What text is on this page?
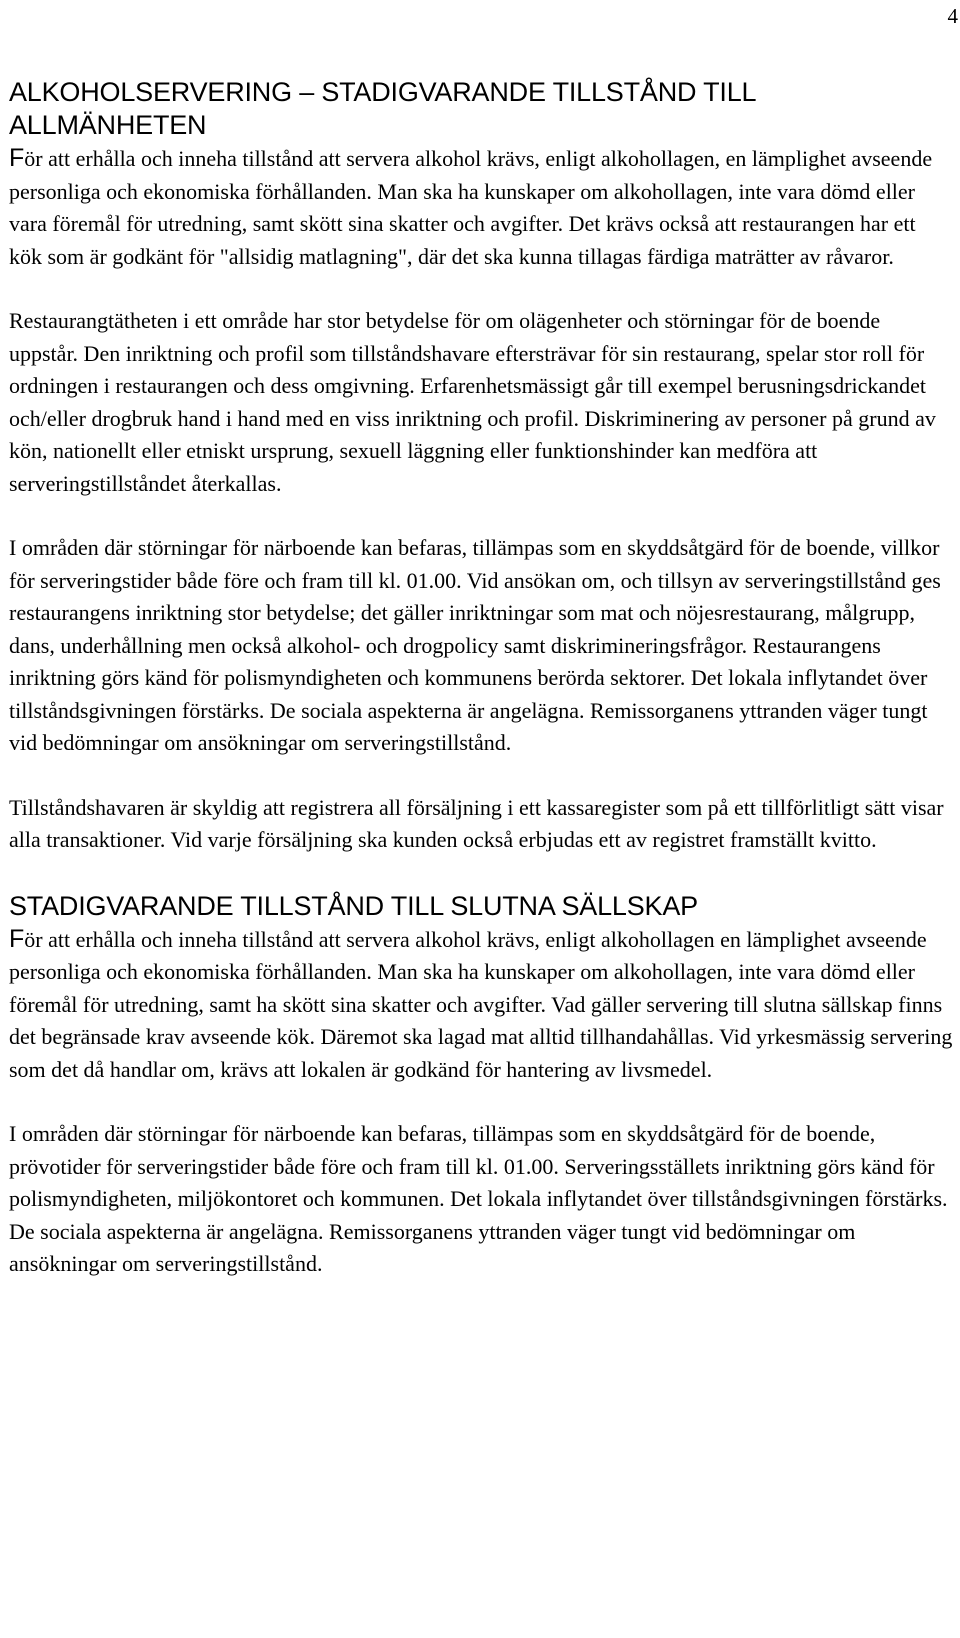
4
ALKOHOLSERVERING – STADIGVARANDE TILLSTÅND TILL ALLMÄNHETEN

För att erhålla och inneha tillstånd att servera alkohol krävs, enligt alkohollagen, en lämplighet avseende personliga och ekonomiska förhållanden. Man ska ha kunskaper om alkohollagen, inte vara dömd eller vara föremål för utredning, samt skött sina skatter och avgifter. Det krävs också att restaurangen har ett kök som är godkänt för "allsidig matlagning", där det ska kunna tillagas färdiga maträtter av råvaror.

Restaurangtätheten i ett område har stor betydelse för om olägenheter och störningar för de boende uppstår. Den inriktning och profil som tillståndshavare eftersträvar för sin restaurang, spelar stor roll för ordningen i restaurangen och dess omgivning. Erfarenhetsmässigt går till exempel berusningsdrickandet och/eller drogbruk hand i hand med en viss inriktning och profil. Diskriminering av personer på grund av kön, nationellt eller etniskt ursprung, sexuell läggning eller funktionshinder kan medföra att serveringstillståndet återkallas.

I områden där störningar för närboende kan befaras, tillämpas som en skyddsåtgärd för de boende, villkor för serveringstider både före och fram till kl. 01.00. Vid ansökan om, och tillsyn av serveringstillstånd ges restaurangens inriktning stor betydelse; det gäller inriktningar som mat och nöjesrestaurang, målgrupp, dans, underhållning men också alkohol- och drogpolicy samt diskrimineringsfrågor. Restaurangens inriktning görs känd för polismyndigheten och kommunens berörda sektorer. Det lokala inflytandet över tillståndsgivningen förstärks. De sociala aspekterna är angelägna. Remissorganens yttranden väger tungt vid bedömningar om ansökningar om serveringstillstånd.

Tillståndshavaren är skyldig att registrera all försäljning i ett kassaregister som på ett tillförlitligt sätt visar alla transaktioner. Vid varje försäljning ska kunden också erbjudas ett av registret framställt kvitto.

STADIGVARANDE TILLSTÅND TILL SLUTNA SÄLLSKAP

För att erhålla och inneha tillstånd att servera alkohol krävs, enligt alkohollagen en lämplighet avseende personliga och ekonomiska förhållanden. Man ska ha kunskaper om alkohollagen, inte vara dömd eller föremål för utredning, samt ha skött sina skatter och avgifter. Vad gäller servering till slutna sällskap finns det begränsade krav avseende kök. Däremot ska lagad mat alltid tillhandahållas. Vid yrkesmässig servering som det då handlar om, krävs att lokalen är godkänd för hantering av livsmedel.

I områden där störningar för närboende kan befaras, tillämpas som en skyddsåtgärd för de boende, prövotider för serveringstider både före och fram till kl. 01.00. Serveringsställets inriktning görs känd för polismyndigheten, miljökontoret och kommunen. Det lokala inflytandet över tillståndsgivningen förstärks. De sociala aspekterna är angelägna. Remissorganens yttranden väger tungt vid bedömningar om ansökningar om serveringstillstånd.
